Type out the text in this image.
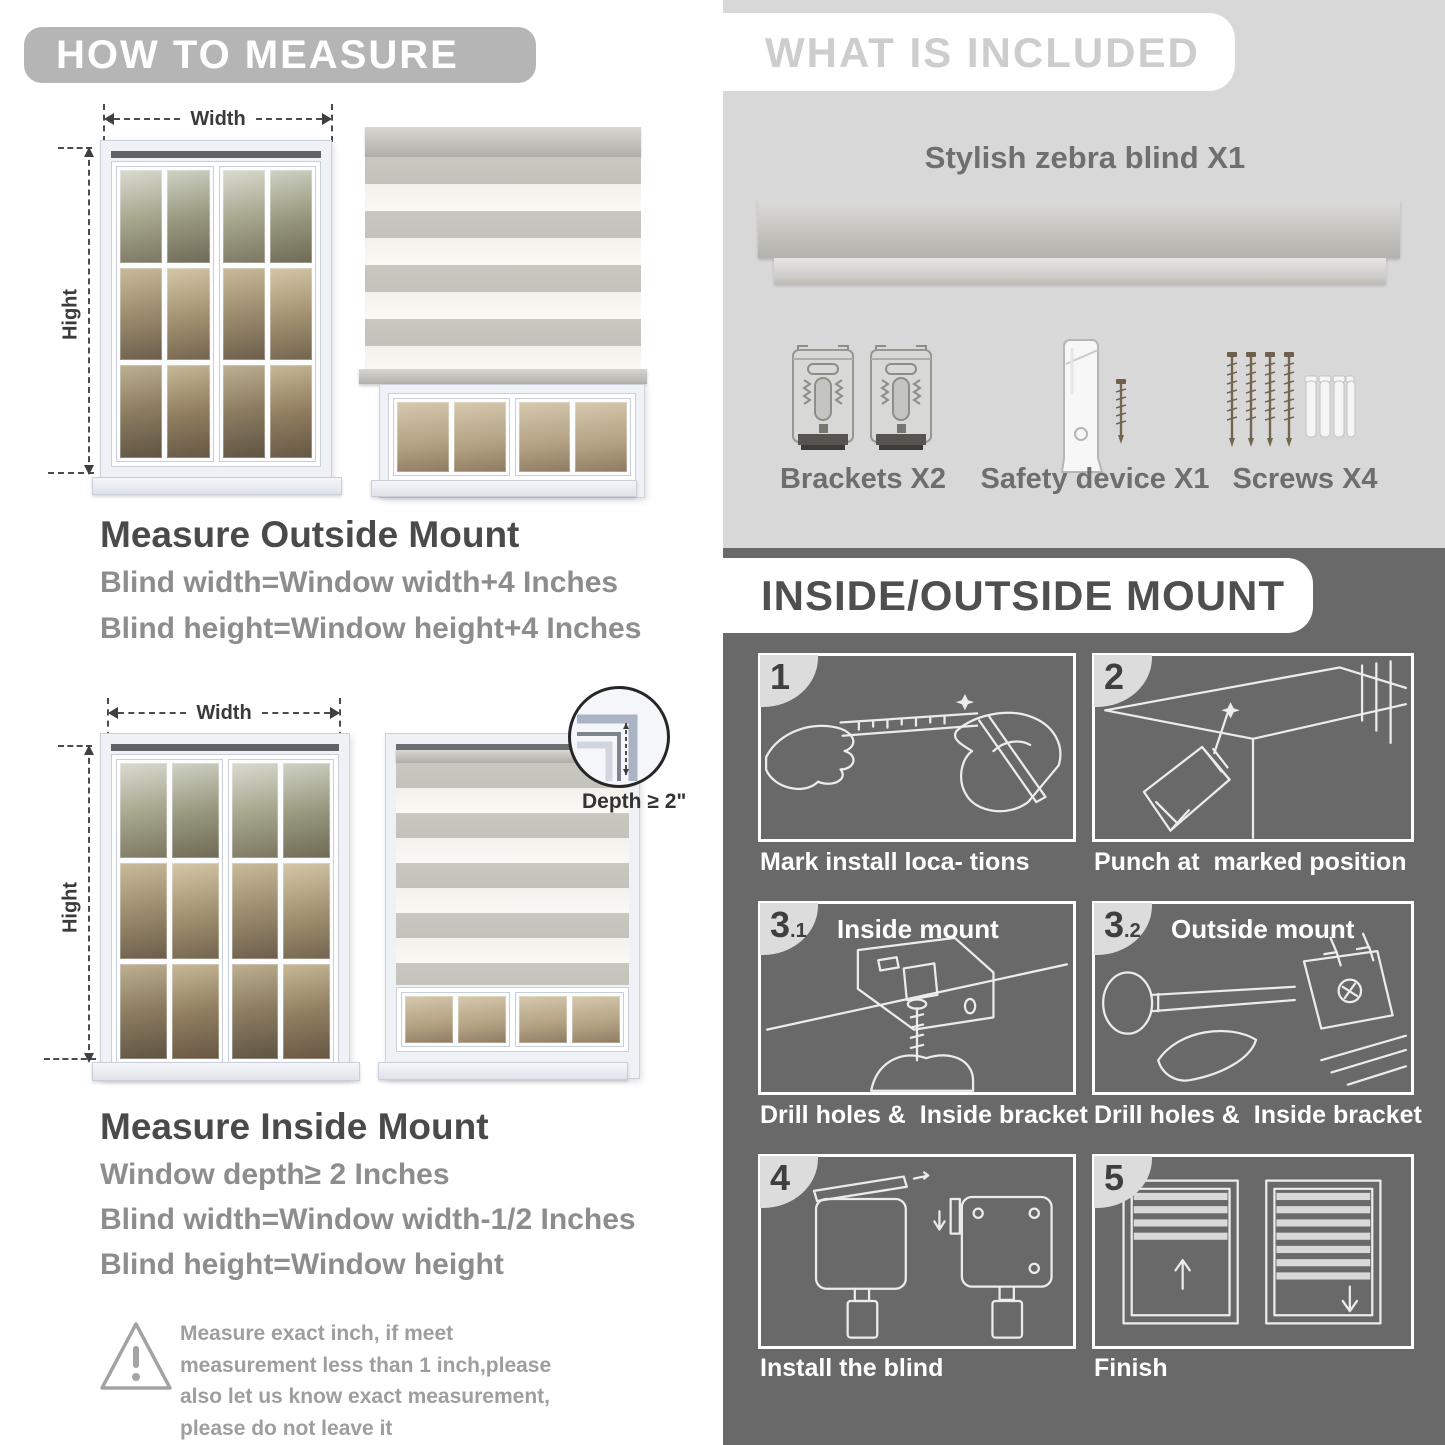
HOW TO MEASURE
Width
Hight
Measure Outside Mount
Blind width=Window width+4 Inches
Blind height=Window height+4 Inches
Width
Hight
Depth ≥ 2"
Measure Inside Mount
Window depth≥ 2 Inches
Blind width=Window width-1/2 Inches
Blind height=Window height
Measure exact inch, if meet measurement less than 1 inch,please also let us know exact measurement, please do not leave it
WHAT IS INCLUDED
Stylish zebra blind X1
Brackets X2	Safety device X1 Screws X4
INSIDE/OUTSIDE MOUNT
1
Mark install loca- tions
2
Punch at  marked position
3.1 Inside mount
Drill holes &  Inside bracket
3.2 Outside mount
Drill holes &  Inside bracket
4
Install the blind
5
Finish
